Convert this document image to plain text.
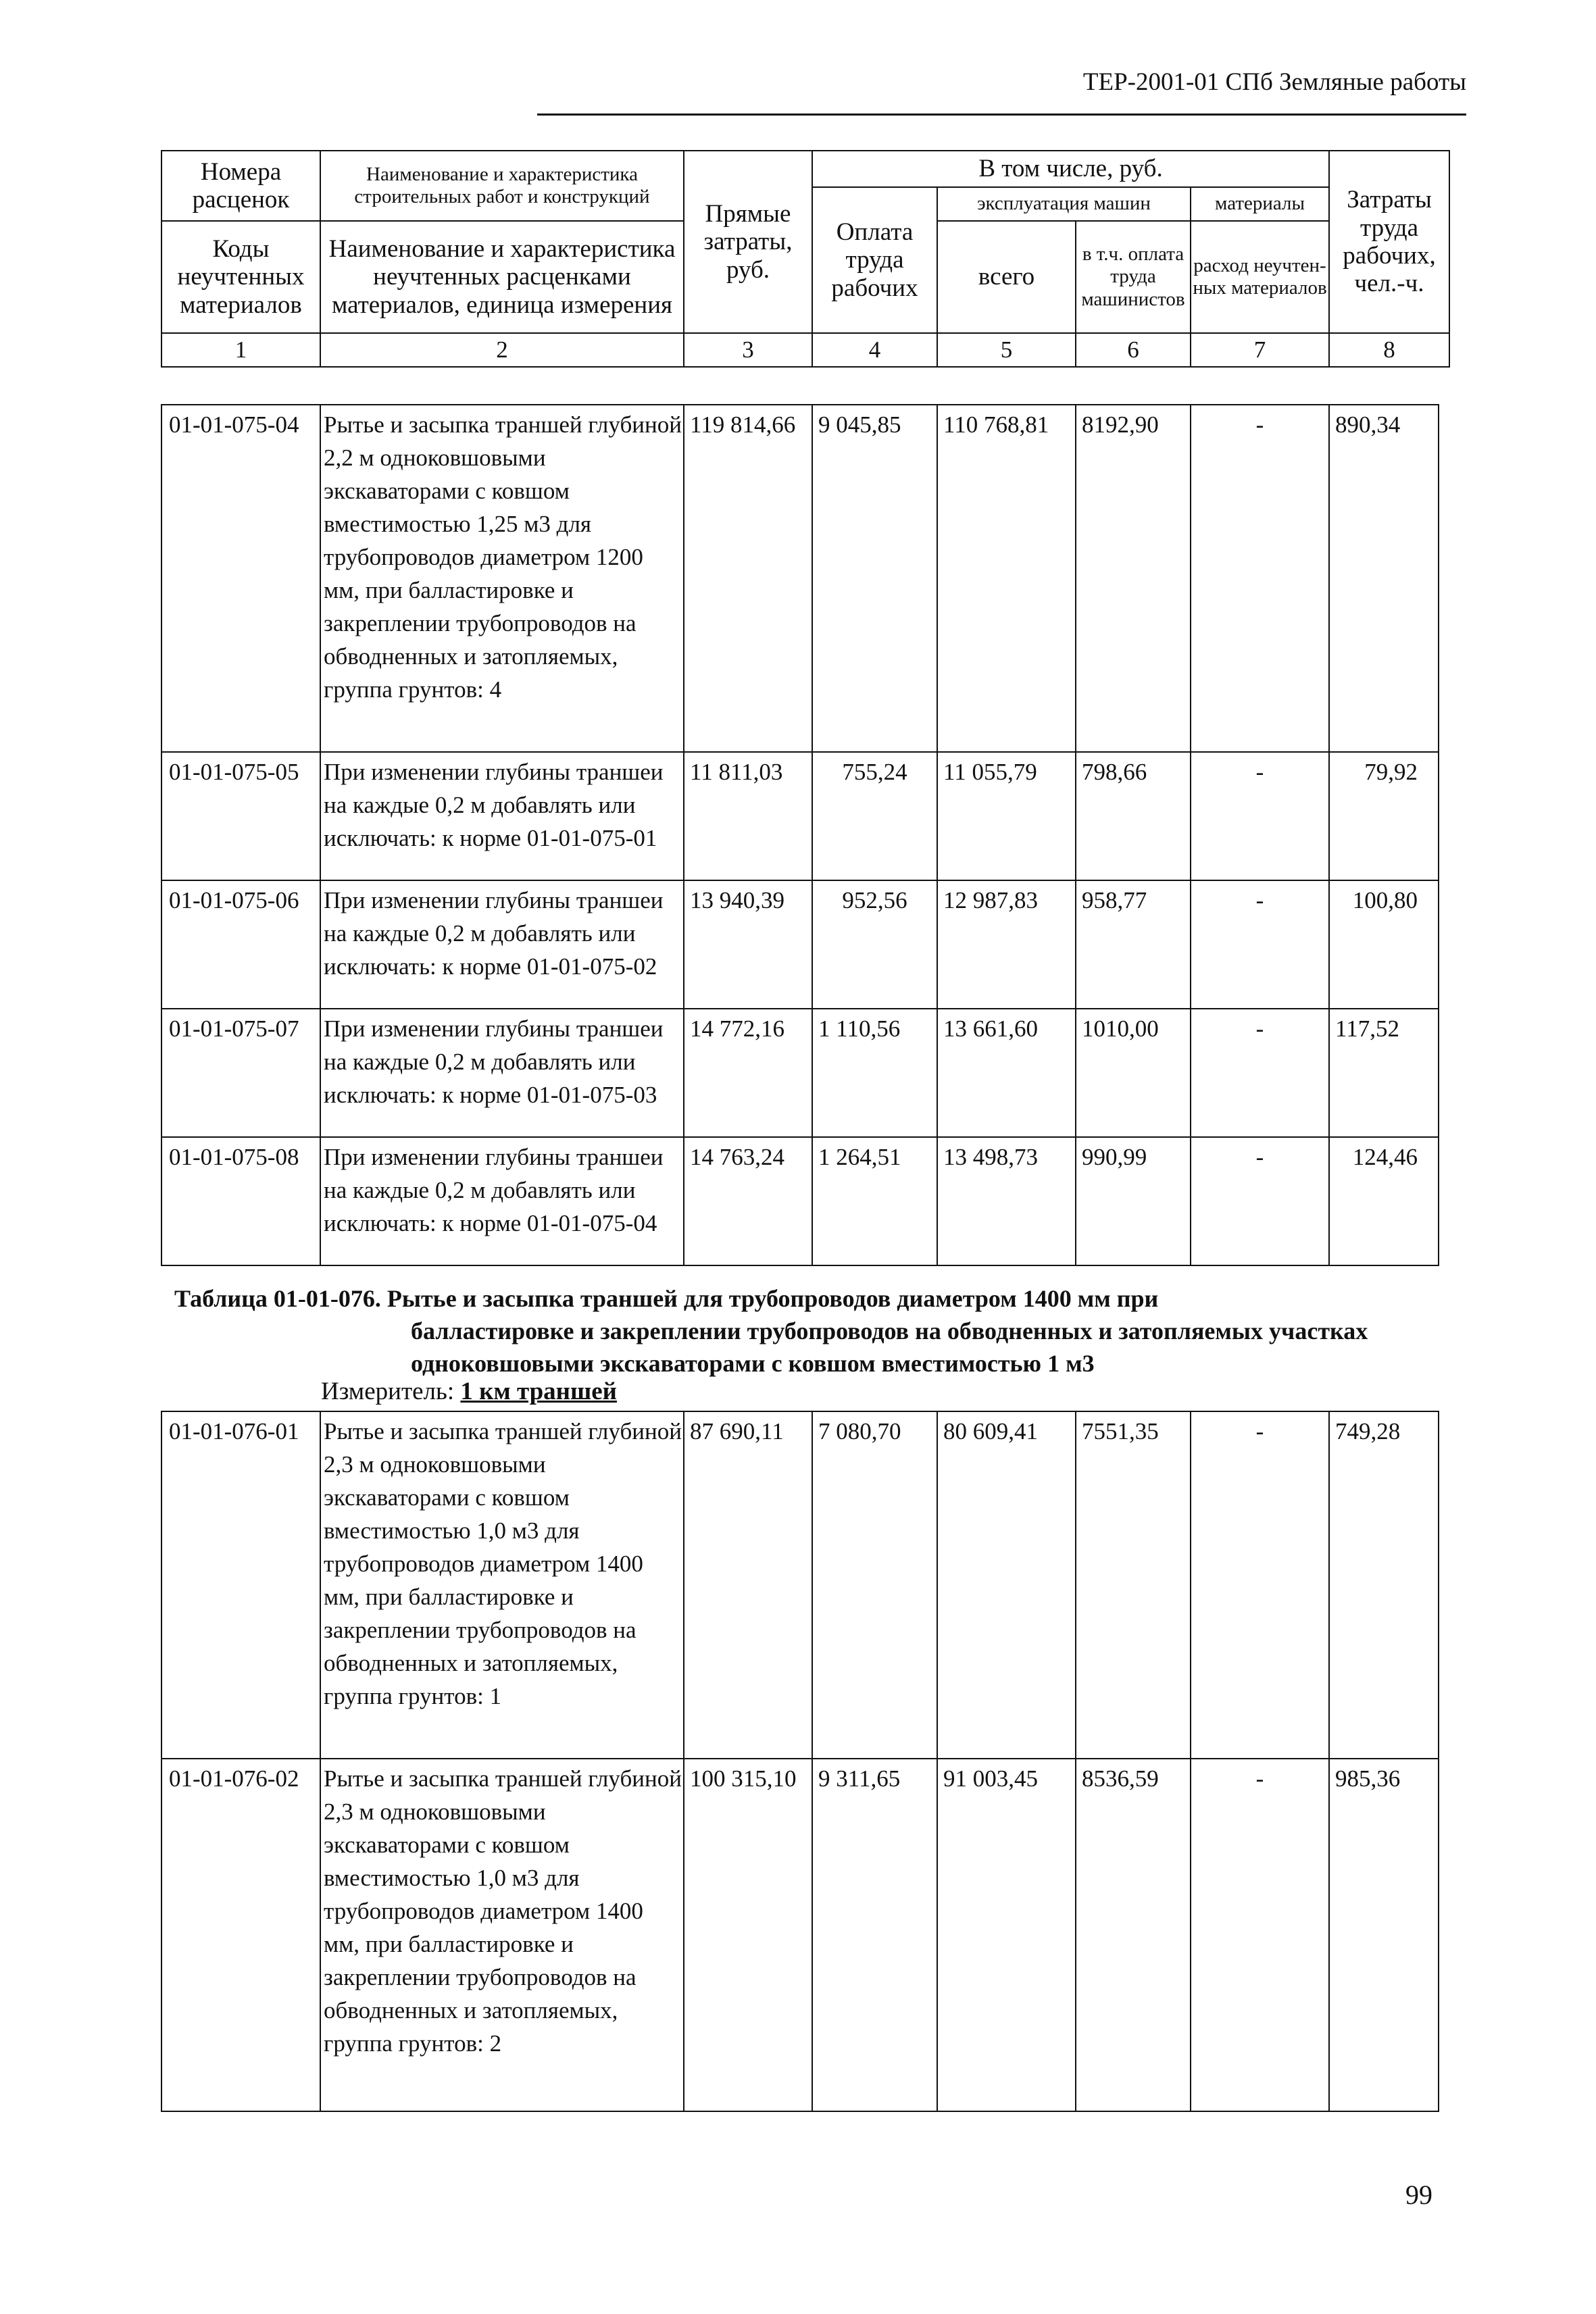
ТЕР-2001-01 СПб Земляные работы
Номера расценок	Наименование и характеристика строительных работ и конструкций	Прямые затраты, руб.	В том числе, руб.				Затраты труда рабочих, чел.-ч.
			Оплата труда рабочих	эксплуатация машин		материалы	
Коды неучтенных материалов	Наименование и характеристика неучтенных расценками материалов, единица измерения			всего	в т.ч. оплата труда машинистов	расход неучтен-ных материалов	

1	2	3	4	5	6	7	8
01-01-075-04	Рытье и засыпка траншей глубиной 2,2 м одноковшовыми экскаваторами с ковшом вместимостью 1,25 м3 для трубопроводов диаметром 1200 мм, при балластировке и закреплении трубопроводов на обводненных и затопляемых, группа грунтов: 4	119 814,66	9 045,85	110 768,81	8192,90	-	890,34
01-01-075-05	При изменении глубины траншеи на каждые 0,2 м добавлять или исключать: к норме 01-01-075-01	11 811,03	755,24	11 055,79	798,66	-	79,92
01-01-075-06	При изменении глубины траншеи на каждые 0,2 м добавлять или исключать: к норме 01-01-075-02	13 940,39	952,56	12 987,83	958,77	-	100,80
01-01-075-07	При изменении глубины траншеи на каждые 0,2 м добавлять или исключать: к норме 01-01-075-03	14 772,16	1 110,56	13 661,60	1010,00	-	117,52
01-01-075-08	При изменении глубины траншеи на каждые 0,2 м добавлять или исключать: к норме 01-01-075-04	14 763,24	1 264,51	13 498,73	990,99	-	124,46
Таблица 01-01-076. Рытье и засыпка траншей для трубопроводов диаметром 1400 мм при
балластировке и закреплении трубопроводов на обводненных и затопляемых участках
одноковшовыми экскаваторами с ковшом вместимостью 1 м3
Измеритель: 1 км траншей
01-01-076-01	Рытье и засыпка траншей глубиной 2,3 м одноковшовыми экскаваторами с ковшом вместимостью 1,0 м3 для трубопроводов диаметром 1400 мм, при балластировке и закреплении трубопроводов на обводненных и затопляемых, группа грунтов: 1	87 690,11	7 080,70	80 609,41	7551,35	-	749,28
01-01-076-02	Рытье и засыпка траншей глубиной 2,3 м одноковшовыми экскаваторами с ковшом вместимостью 1,0 м3 для трубопроводов диаметром 1400 мм, при балластировке и закреплении трубопроводов на обводненных и затопляемых, группа грунтов: 2	100 315,10	9 311,65	91 003,45	8536,59	-	985,36
99
